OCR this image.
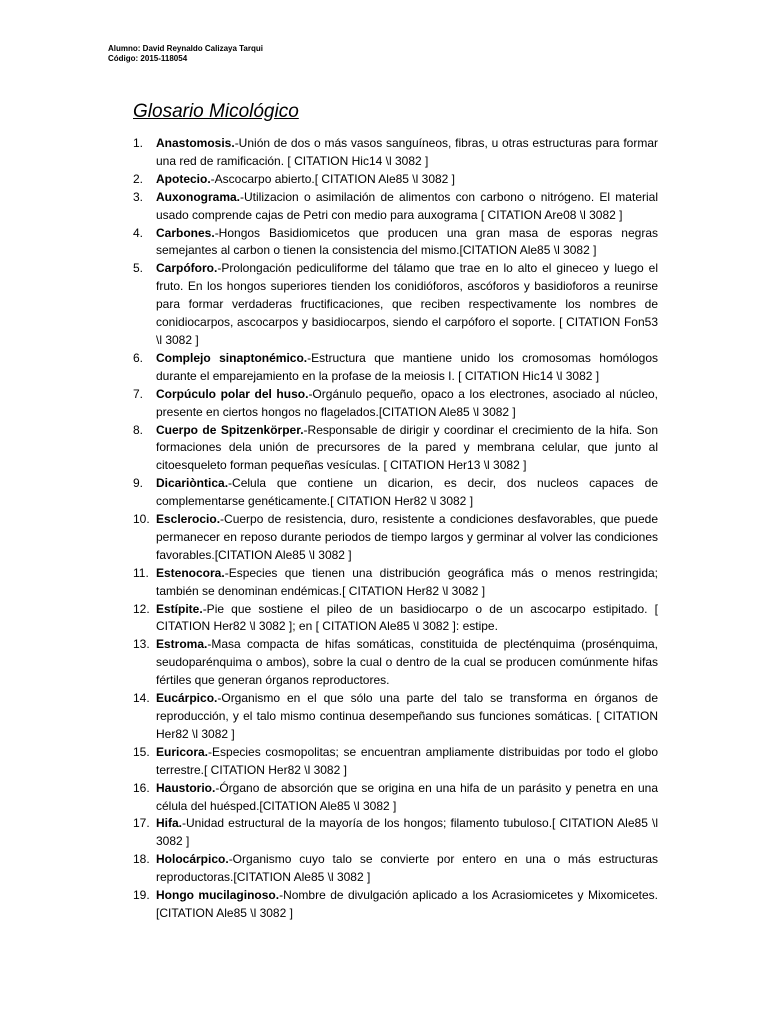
Alumno: David Reynaldo Calizaya Tarqui
Código: 2015-118054
Glosario Micológico
1. Anastomosis.-Unión de dos o más vasos sanguíneos, fibras, u otras estructuras para formar una red de ramificación. [ CITATION Hic14 \l 3082 ]
2. Apotecio.-Ascocarpo abierto.[ CITATION Ale85 \l 3082 ]
3. Auxonograma.-Utilizacion o asimilación de alimentos con carbono o nitrógeno. El material usado comprende cajas de Petri con medio para auxograma [ CITATION Are08 \l 3082 ]
4. Carbones.-Hongos Basidiomicetos que producen una gran masa de esporas negras semejantes al carbon o tienen la consistencia del mismo.[CITATION Ale85 \l 3082 ]
5. Carpóforo.-Prolongación pediculiforme del tálamo que trae en lo alto el gineceo y luego el fruto. En los hongos superiores tienden los conidióforos, ascóforos y basidioforos a reunirse para formar verdaderas fructificaciones, que reciben respectivamente los nombres de conidiocarpos, ascocarpos y basidiocarpos, siendo el carpóforo el soporte. [ CITATION Fon53 \l 3082 ]
6. Complejo sinaptonémico.-Estructura que mantiene unido los cromosomas homólogos durante el emparejamiento en la profase de la meiosis I. [ CITATION Hic14 \l 3082 ]
7. Corpúculo polar del huso.-Orgánulo pequeño, opaco a los electrones, asociado al núcleo, presente en ciertos hongos no flagelados.[CITATION Ale85 \l 3082 ]
8. Cuerpo de Spitzenkörper.-Responsable de dirigir y coordinar el crecimiento de la hifa. Son formaciones dela unión de precursores de la pared y membrana celular, que junto al citoesqueleto forman pequeñas vesículas. [ CITATION Her13 \l 3082 ]
9. Dicariòntica.-Celula que contiene un dicarion, es decir, dos nucleos capaces de complementarse genéticamente.[ CITATION Her82 \l 3082 ]
10. Esclerocio.-Cuerpo de resistencia, duro, resistente a condiciones desfavorables, que puede permanecer en reposo durante periodos de tiempo largos y germinar al volver las condiciones favorables.[CITATION Ale85 \l 3082 ]
11. Estenocora.-Especies que tienen una distribución geográfica más o menos restringida; también se denominan endémicas.[ CITATION Her82 \l 3082 ]
12. Estípite.-Pie que sostiene el pileo de un basidiocarpo o de un ascocarpo estipitado. [ CITATION Her82 \l 3082 ]; en [ CITATION Ale85 \l 3082 ]: estipe.
13. Estroma.-Masa compacta de hifas somáticas, constituida de plecténquima (prosénquima, seudoparénquima o ambos), sobre la cual o dentro de la cual se producen comúnmente hifas fértiles que generan órganos reproductores.
14. Eucárpico.-Organismo en el que sólo una parte del talo se transforma en órganos de reproducción, y el talo mismo continua desempeñando sus funciones somáticas. [ CITATION Her82 \l 3082 ]
15. Euricora.-Especies cosmopolitas; se encuentran ampliamente distribuidas por todo el globo terrestre.[ CITATION Her82 \l 3082 ]
16. Haustorio.-Órgano de absorción que se origina en una hifa de un parásito y penetra en una célula del huésped.[CITATION Ale85 \l 3082 ]
17. Hifa.-Unidad estructural de la mayoría de los hongos; filamento tubuloso.[ CITATION Ale85 \l 3082 ]
18. Holocárpico.-Organismo cuyo talo se convierte por entero en una o más estructuras reproductoras.[CITATION Ale85 \l 3082 ]
19. Hongo mucilaginoso.-Nombre de divulgación aplicado a los Acrasiomicetes y Mixomicetes.[CITATION Ale85 \l 3082 ]
